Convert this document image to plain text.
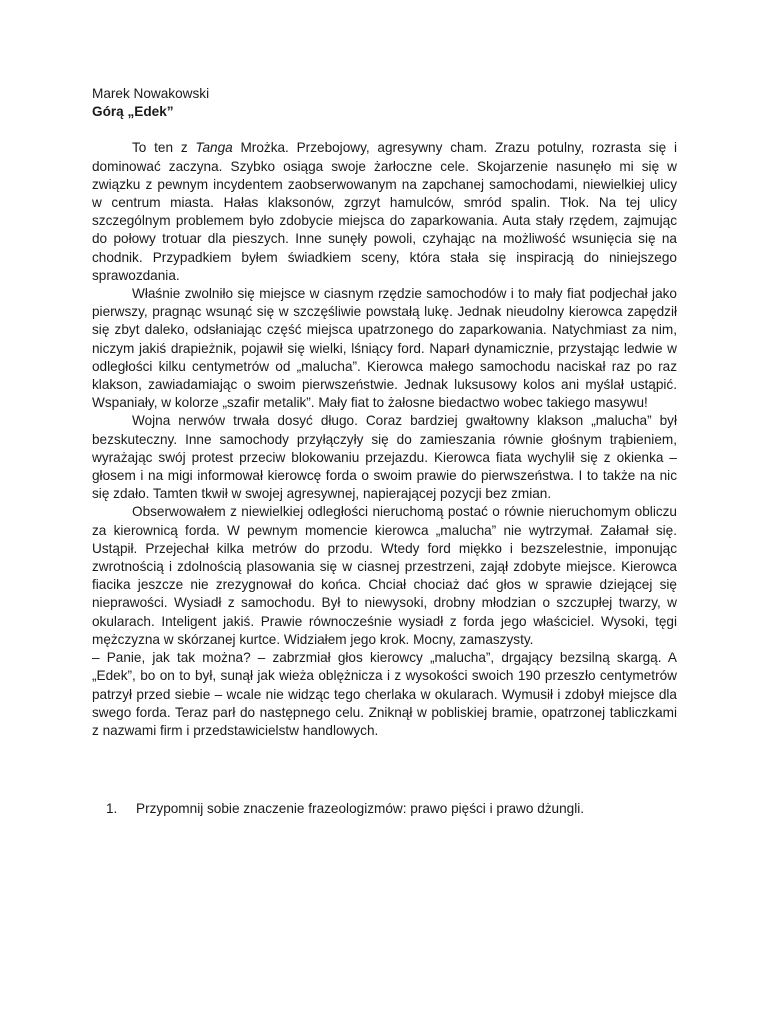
Marek Nowakowski

Górą „Edek”

To ten z Tanga Mrożka. Przebojowy, agresywny cham. Zrazu potulny, rozrasta się i dominować zaczyna. Szybko osiąga swoje żarłoczne cele. Skojarzenie nasunęło mi się w związku z pewnym incydentem zaobserwowanym na zapchanej samochodami, niewielkiej ulicy w centrum miasta. Hałas klaksonów, zgrzyt hamulców, smród spalin. Tłok. Na tej ulicy szczególnym problemem było zdobycie miejsca do zaparkowania. Auta stały rzędem, zajmując do połowy trotuar dla pieszych. Inne sunęły powoli, czyhając na możliwość wsunięcia się na chodnik. Przypadkiem byłem świadkiem sceny, która stała się inspiracją do niniejszego sprawozdania.

Właśnie zwolniło się miejsce w ciasnym rzędzie samochodów i to mały fiat podjechał jako pierwszy, pragnąc wsunąć się w szczęśliwie powstałą lukę. Jednak nieudolny kierowca zapędził się zbyt daleko, odsłaniając część miejsca upatrzonego do zaparkowania. Natychmiast za nim, niczym jakiś drapieżnik, pojawił się wielki, lśniący ford. Naparł dynamicznie, przystając ledwie w odległości kilku centymetrów od „malucha”. Kierowca małego samochodu naciskał raz po raz klakson, zawiadamiając o swoim pierwszeństwie. Jednak luksusowy kolos ani myślał ustąpić. Wspaniały, w kolorze „szafir metalik”. Mały fiat to żałosne biedactwo wobec takiego masywu!

Wojna nerwów trwała dosyć długo. Coraz bardziej gwałtowny klakson „malucha” był bezskuteczny. Inne samochody przyłączyły się do zamieszania równie głośnym trąbieniem, wyrażając swój protest przeciw blokowaniu przejazdu. Kierowca fiata wychylił się z okienka – głosem i na migi informował kierowcę forda o swoim prawie do pierwszeństwa. I to także na nic się zdało. Tamten tkwił w swojej agresywnej, napierającej pozycji bez zmian.

Obserwowałem z niewielkiej odległości nieruchomą postać o równie nieruchomym obliczu za kierownicą forda. W pewnym momencie kierowca „malucha” nie wytrzymał. Załamał się. Ustąpił. Przejechał kilka metrów do przodu. Wtedy ford miękko i bezszelestnie, imponując zwrotnością i zdolnością plasowania się w ciasnej przestrzeni, zajął zdobyte miejsce. Kierowca fiacika jeszcze nie zrezygnował do końca. Chciał chociaż dać głos w sprawie dziejącej się nieprawości. Wysiadł z samochodu. Był to niewysoki, drobny młodzian o szczupłej twarzy, w okularach. Inteligent jakiś. Prawie równocześnie wysiadł z forda jego właściciel. Wysoki, tęgi mężczyzna w skórzanej kurtce. Widziałem jego krok. Mocny, zamaszysty.

– Panie, jak tak można? – zabrzmiał głos kierowcy „malucha”, drgający bezsilną skargą. A „Edek”, bo on to był, sunął jak wieża oblężnicza i z wysokości swoich 190 przeszło centymetrów patrzył przed siebie – wcale nie widząc tego cherlaka w okularach. Wymusił i zdobył miejsce dla swego forda. Teraz parł do następnego celu. Zniknął w pobliskiej bramie, opatrzonej tabliczkami z nazwami firm i przedstawicielstw handlowych.

1.	Przypomnij sobie znaczenie frazeologizmów: prawo pięści i prawo dżungli.
